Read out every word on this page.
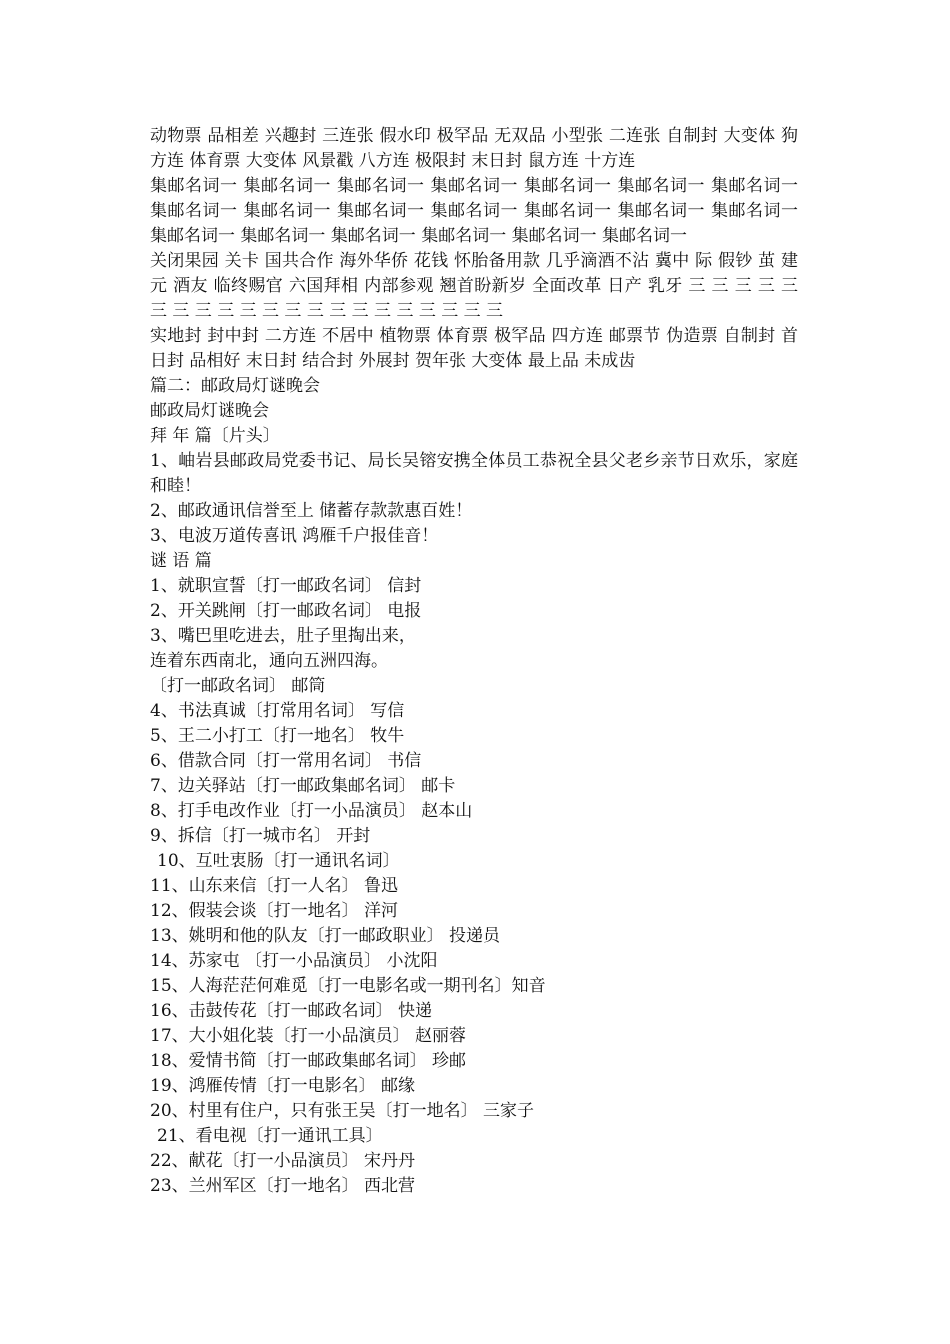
动物票 品相差 兴趣封 三连张 假水印 极罕品 无双品 小型张 二连张 自制封 大变体 狗方连 体育票 大变体 风景戳 八方连 极限封 末日封 鼠方连 十方连

集邮名词一 集邮名词一 集邮名词一 集邮名词一 集邮名词一 集邮名词一 集邮名词一 集邮名词一 集邮名词一 集邮名词一 集邮名词一 集邮名词一 集邮名词一 集邮名词一 集邮名词一 集邮名词一 集邮名词一 集邮名词一 集邮名词一 集邮名词一

关闭果园 关卡 国共合作 海外华侨 花钱 怀胎备用款 几乎滴酒不沾 冀中 际 假钞 茧 建元 酒友 临终赐官 六国拜相 内部参观 翘首盼新岁 全面改革 日产 乳牙 三 三 三 三 三 三 三 三 三 三 三 三 三 三 三 三 三 三 三 三 三

实地封 封中封 二方连 不居中 植物票 体育票 极罕品 四方连 邮票节 伪造票 自制封 首日封 品相好 末日封 结合封 外展封 贺年张 大变体 最上品 未成齿

篇二：邮政局灯谜晚会

邮政局灯谜晚会

拜 年 篇〔片头〕

1、岫岩县邮政局党委书记、局长吴镕安携全体员工恭祝全县父老乡亲节日欢乐，家庭和睦！

2、邮政通讯信誉至上 储蓄存款款惠百姓！

3、电波万道传喜讯 鸿雁千户报佳音！

谜 语 篇

1、就职宣誓〔打一邮政名词〕 信封

2、开关跳闸〔打一邮政名词〕 电报

3、嘴巴里吃进去，肚子里掏出来，

连着东西南北，通向五洲四海。

〔打一邮政名词〕 邮筒

4、书法真诚〔打常用名词〕 写信

5、王二小打工〔打一地名〕 牧牛

6、借款合同〔打一常用名词〕 书信

7、边关驿站〔打一邮政集邮名词〕 邮卡

8、打手电改作业〔打一小品演员〕 赵本山

9、拆信〔打一城市名〕 开封

10、互吐衷肠〔打一通讯名词〕

11、山东来信〔打一人名〕 鲁迅

12、假装会谈〔打一地名〕 洋河

13、姚明和他的队友〔打一邮政职业〕 投递员

14、苏家屯 〔打一小品演员〕 小沈阳

15、人海茫茫何难觅〔打一电影名或一期刊名〕知音

16、击鼓传花〔打一邮政名词〕 快递

17、大小姐化装〔打一小品演员〕 赵丽蓉

18、爱情书简〔打一邮政集邮名词〕 珍邮

19、鸿雁传情〔打一电影名〕 邮缘

20、村里有住户，只有张王吴〔打一地名〕 三家子

21、看电视〔打一通讯工具〕

22、献花〔打一小品演员〕 宋丹丹

23、兰州军区〔打一地名〕 西北营
